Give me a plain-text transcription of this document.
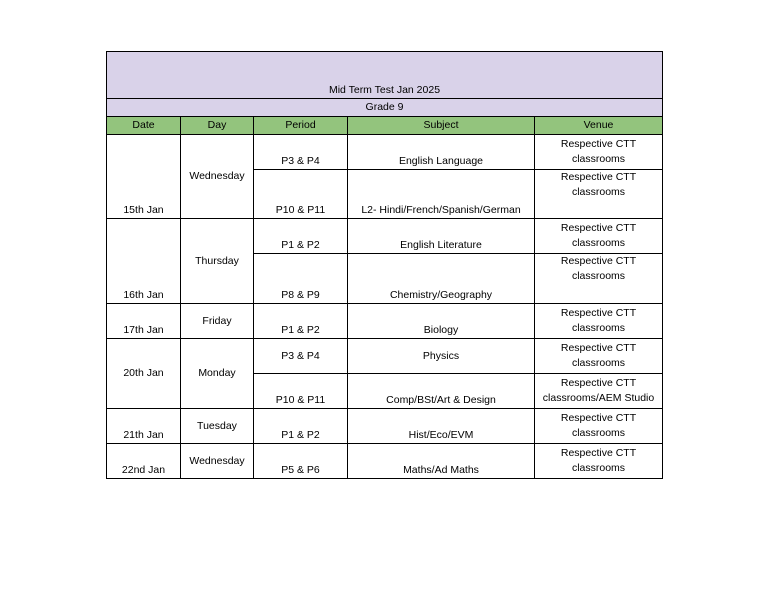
Mid Term Test Jan 2025				
Grade 9				
Date	Day	Period	Subject	Venue
15th Jan	Wednesday	P3 & P4	English Language	Respective CTT classrooms
		P10 & P11	L2- Hindi/French/Spanish/German	Respective CTT classrooms
16th Jan	Thursday	P1 & P2	English Literature	Respective CTT classrooms
		P8 & P9	Chemistry/Geography	Respective CTT classrooms
17th Jan	Friday	P1 & P2	Biology	Respective CTT classrooms
20th Jan	Monday	P3 & P4	Physics	Respective CTT classrooms
		P10 & P11	Comp/BSt/Art & Design	Respective CTT classrooms/AEM Studio
21th Jan	Tuesday	P1 & P2	Hist/Eco/EVM	Respective CTT classrooms
22nd Jan	Wednesday	P5 & P6	Maths/Ad Maths	Respective CTT classrooms
